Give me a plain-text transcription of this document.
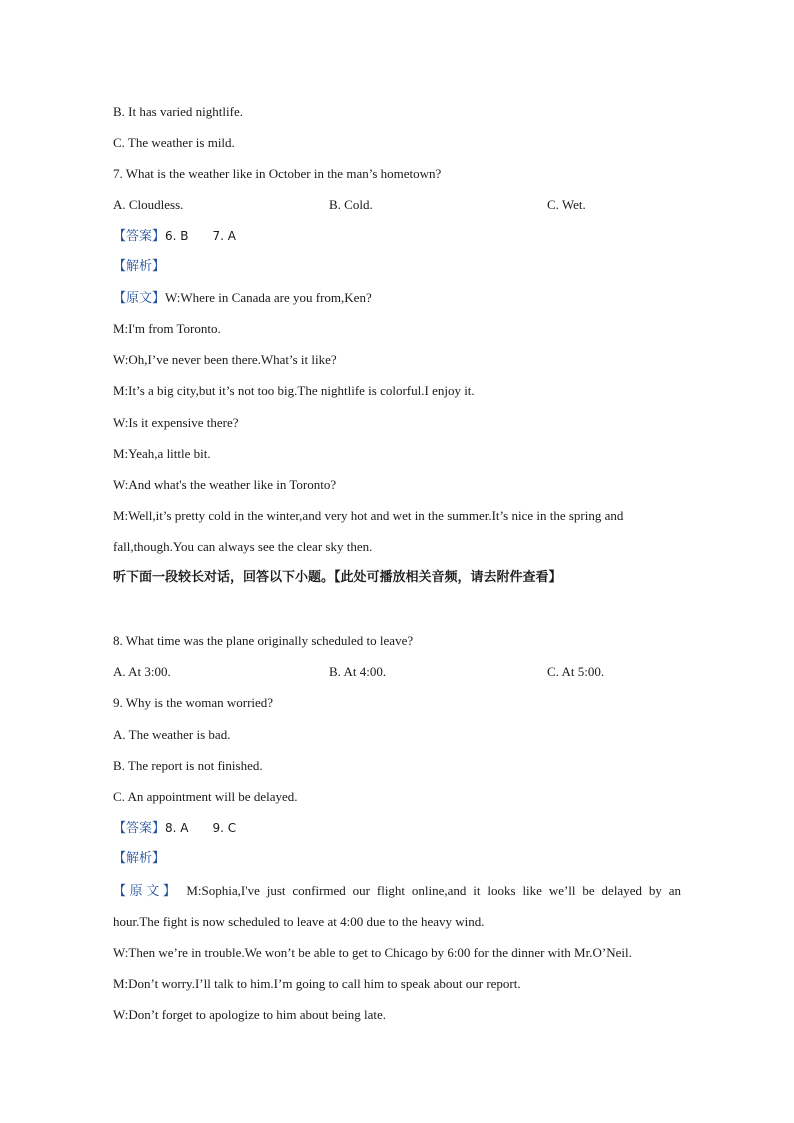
B. It has varied nightlife.
C. The weather is mild.
7. What is the weather like in October in the man’s hometown?
A. Cloudless.	B. Cold.	C. Wet.
【答案】6. B 7. A
【解析】
【原文】W:Where in Canada are you from,Ken?
M:I'm from Toronto.
W:Oh,I’ve never been there.What’s it like?
M:It’s a big city,but it’s not too big.The nightlife is colorful.I enjoy it.
W:Is it expensive there?
M:Yeah,a little bit.
W:And what's the weather like in Toronto?
M:Well,it’s pretty cold in the winter,and very hot and wet in the summer.It’s nice in the spring and
fall,though.You can always see the clear sky then.
听下面一段较长对话，回答以下小题。【此处可播放相关音频，请去附件查看】
8. What time was the plane originally scheduled to leave?
A. At 3:00.	B. At 4:00.	C. At 5:00.
9. Why is the woman worried?
A. The weather is bad.
B. The report is not finished.
C. An appointment will be delayed.
【答案】8. A 9. C
【解析】
【原文】 M:Sophia,I've just confirmed our flight online,and it looks like we’ll be delayed by an
hour.The fight is now scheduled to leave at 4:00 due to the heavy wind.
W:Then we’re in trouble.We won’t be able to get to Chicago by 6:00 for the dinner with Mr.O’Neil.
M:Don’t worry.I’ll talk to him.I’m going to call him to speak about our report.
W:Don’t forget to apologize to him about being late.
